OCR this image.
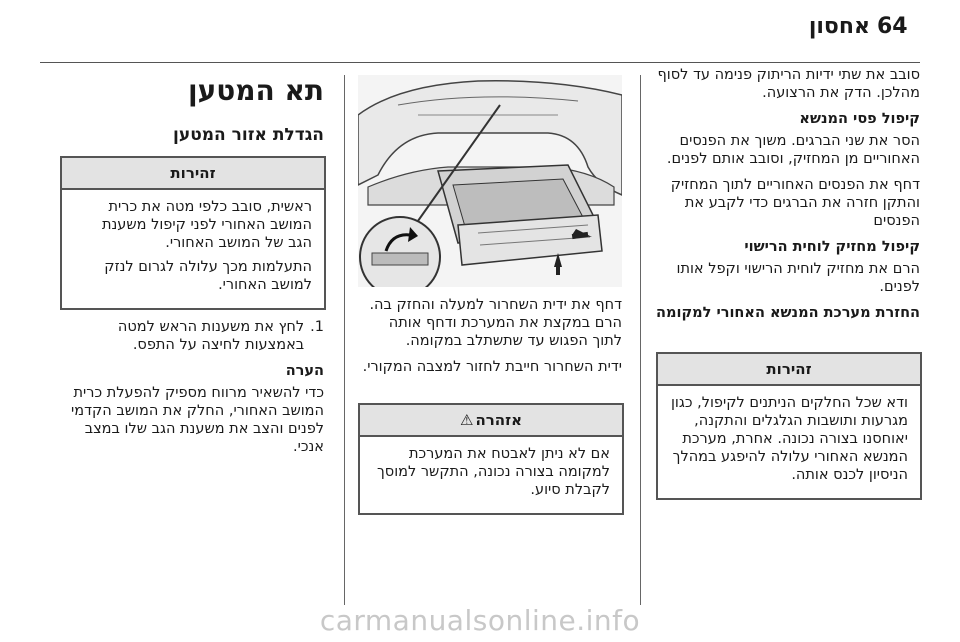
64
אחסון

סובב את שתי ידיות הריתוק פנימה עד לסוף מהלכן. הדק את הרצועה.

קיפול פסי המנשא

הסר את שני הברגים. משוך את הפנסים האחוריים מן המחזיק, וסובב אותם לפנים.

דחף את הפנסים האחוריים לתוך המחזיק והתקן חזרה את הברגים כדי לקבע את הפנסים

קיפול מחזיק לוחית הרישוי

הרם את מחזיק לוחית הרישוי וקפל אותו לפנים.

החזרת מערכת המנשא האחורי למקומה
זהירות

ודא שכל החלקים הניתנים לקיפול, כגון מגרעות ותושבות הגלגלים והתקנה, יאוחסנו בצורה נכונה. אחרת, מערכת המנשא האחורי עלולה להיפגע במהלך הניסיון לכנס אותה.

דחף את ידית השחרור למעלה והחזק בה. הרם במקצת את המערכת ודחף אותה לתוך הפגוש עד שתשתלב במקומה.

ידית השחרור חייבת לחזור למצבה המקורי.

אזהרה⚠

אם לא ניתן לאבטח את המערכת למקומה בצורה נכונה, התקשר למוסך לקבלת סיוע.

תא המטען
הגדלת אזור המטען
זהירות

ראשית, סובב כלפי מטה את כרית המושב האחורי לפני קיפול משענת הגב של המושב האחורי.

התעלמות מכך עלולה לגרום לנזק למושב האחורי.

1.
לחץ את משענות הראש למטה באמצעות לחיצה על התפס.
הערה

כדי להשאיר מרווח מספיק להפעלת כרית המושב האחורי, החלק את המושב הקדמי לפנים והצב את משענת הגב שלו במצב אנכי.

carmanualsonline.info
